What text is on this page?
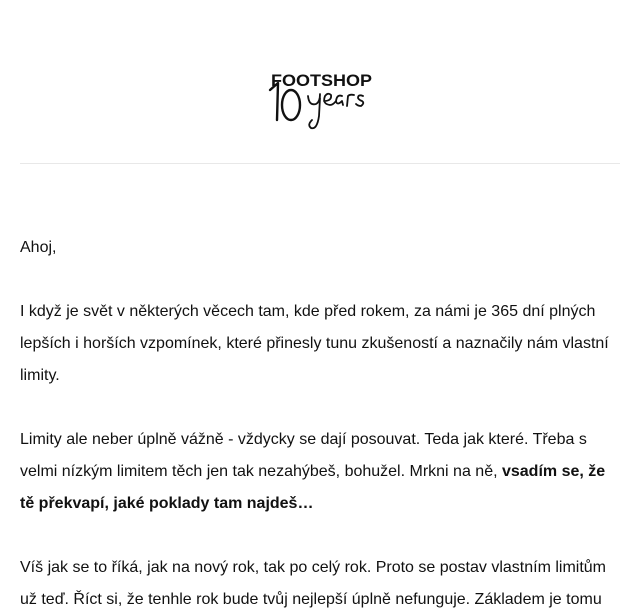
FOOTSHOP

Ahoj,

I když je svět v některých věcech tam, kde před rokem, za námi je 365 dní plných lepších i horších vzpomínek, které přinesly tunu zkušeností a naznačily nám vlastní limity.

Limity ale neber úplně vážně - vždycky se dají posouvat. Teda jak které. Třeba s velmi nízkým limitem těch jen tak nezahýbeš, bohužel. Mrkni na ně, vsadím se, že tě překvapí, jaké poklady tam najdeš…

Víš jak se to říká, jak na nový rok, tak po celý rok. Proto se postav vlastním limitům už teď. Říct si, že tenhle rok bude tvůj nejlepší úplně nefunguje. Základem je tomu
